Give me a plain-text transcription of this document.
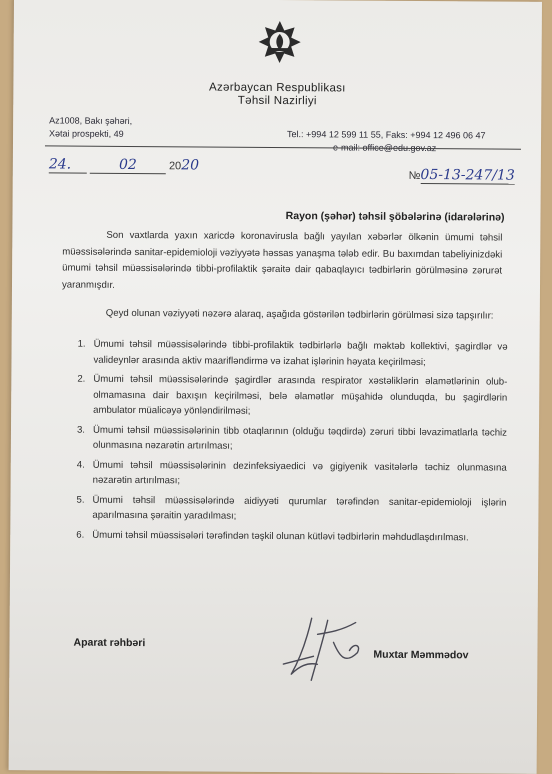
Azərbaycan Respublikası
Təhsil Nazirliyi
Az1008, Bakı şəhəri,
Xətai prospekti, 49	Tel.: +994 12 599 11 55, Faks: +994 12 496 06 47
e-mail: office@edu.gov.az
24.	02	2020
№05-13-247/13
Rayon (şəhər) təhsil şöbələrinə (idarələrinə)
Son vaxtlarda yaxın xaricdə koronavirusla bağlı yayılan xəbərlər ölkənin ümumi təhsil müəssisələrində sanitar-epidemioloji vəziyyətə həssas yanaşma tələb edir. Bu baxımdan tabeliyinizdəki ümumi təhsil müəssisələrində tibbi-profilaktik şəraitə dair qabaqlayıcı tədbirlərin görülməsinə zərurət yaranmışdır.
Qeyd olunan vəziyyəti nəzərə alaraq, aşağıda göstərilən tədbirlərin görülməsi sizə tapşırılır:
1. Ümumi təhsil müəssisələrində tibbi-profilaktik tədbirlərlə bağlı məktəb kollektivi, şagirdlər və valideynlər arasında aktiv maarifləndirmə və izahat işlərinin həyata keçirilməsi;
2. Ümumi təhsil müəssisələrində şagirdlər arasında respirator xəstəliklərin əlamətlərinin olub-olmamasına dair baxışın keçirilməsi, belə əlamətlər müşahidə olunduqda, bu şagirdlərin ambulator müalicəyə yönləndirilməsi;
3. Ümumi təhsil müəssisələrinin tibb otaqlarının (olduğu təqdirdə) zəruri tibbi ləvazimatlarla təchiz olunmasına nəzarətin artırılması;
4. Ümumi təhsil müəssisələrinin dezinfeksiyaedici və gigiyenik vasitələrlə təchiz olunmasına nəzarətin artırılması;
5. Ümumi təhsil müəssisələrində aidiyyəti qurumlar tərəfindən sanitar-epidemioloji işlərin aparılmasına şəraitin yaradılması;
6. Ümumi təhsil müəssisələri tərəfindən təşkil olunan kütləvi tədbirlərin məhdudlaşdırılması.
Aparat rəhbəri
Muxtar Məmmədov
